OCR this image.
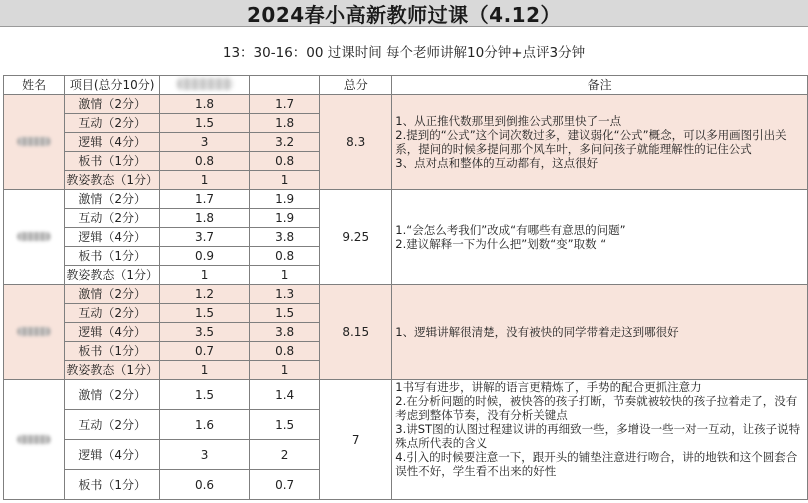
2024春小高新教师过课（4.12）
13：30-16：00 过课时间 每个老师讲解10分钟+点评3分钟
姓名	项目(总分10分)			总分	备注
	激情（2分）	1.8	1.7	8.3	1、从正推代数那里到倒推公式那里快了一点
2.提到的“公式”这个词次数过多，建议弱化“公式”概念，可以多用画图引出关系，提问的时候多提问那个风车叶，多问问孩子就能理解性的记住公式
3、点对点和整体的互动都有，这点很好

	互动（2分）	1.5	1.8		
	逻辑（4分）	3	3.2		
	板书（1分）	0.8	0.8		
	教姿教态（1分）	1	1		
	激情（2分）	1.7	1.9	9.25	1.“会怎么考我们”改成“有哪些有意思的问题”
2.建议解释一下为什么把”划数“变”取数 “

	互动（2分）	1.8	1.9		
	逻辑（4分）	3.7	3.8		
	板书（1分）	0.9	0.8		
	教姿教态（1分）	1	1		
	激情（2分）	1.2	1.3	8.15	1、逻辑讲解很清楚，没有被快的同学带着走这到哪很好

	互动（2分）	1.5	1.5		
	逻辑（4分）	3.5	3.8		
	板书（1分）	0.7	0.8		
	教姿教态（1分）	1	1		
	激情（2分）	1.5	1.4	7	1书写有进步，讲解的语言更精炼了，手势的配合更抓注意力
2.在分析问题的时候，被快答的孩子打断，节奏就被较快的孩子拉着走了，没有考虑到整体节奏，没有分析关键点
3.讲ST图的认图过程建议讲的再细致一些，多增设一些一对一互动，让孩子说特殊点所代表的含义
4.引入的时候要注意一下，跟开头的铺垫注意进行吻合，讲的地铁和这个圆套合误性不好，学生看不出来的好性

	互动（2分）	1.6	1.5		
	逻辑（4分）	3	2		
	板书（1分）	0.6	0.7		
